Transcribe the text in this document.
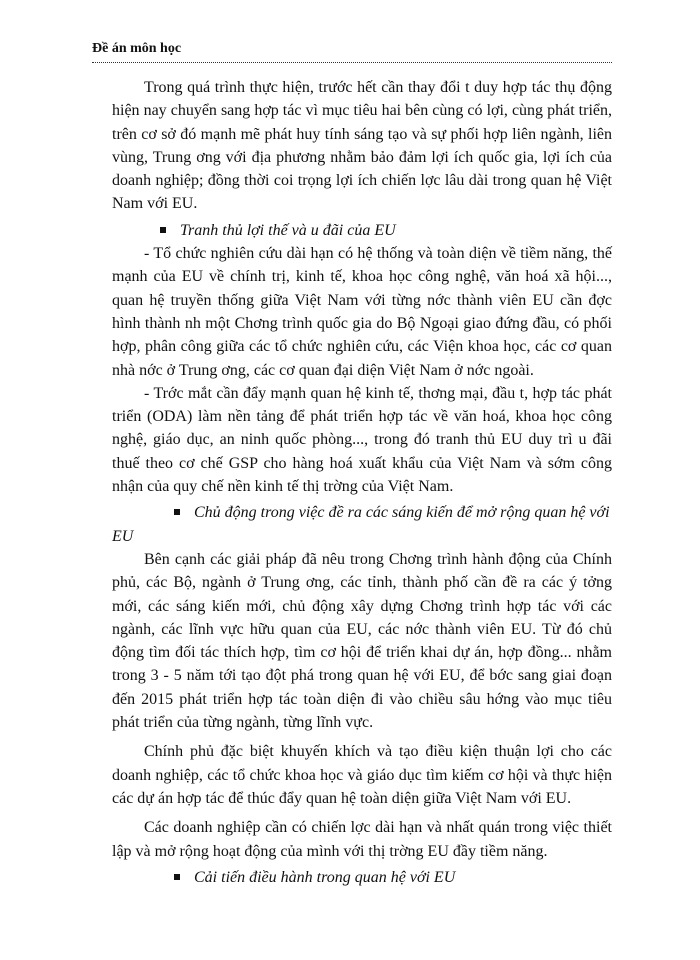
Đề án môn học

Trong quá trình thực hiện, trước hết cần thay đổi t duy hợp tác thụ động hiện nay chuyển sang hợp tác vì mục tiêu hai bên cùng có lợi, cùng phát triển, trên cơ sở đó mạnh mẽ phát huy tính sáng tạo và sự phối hợp liên ngành, liên vùng, Trung ơng với địa phương nhằm bảo đảm lợi ích quốc gia, lợi ích của doanh nghiệp; đồng thời coi trọng lợi ích chiến lợc lâu dài trong quan hệ Việt Nam với EU.

Tranh thủ lợi thế và u đãi của EU

- Tổ chức nghiên cứu dài hạn có hệ thống và toàn diện về tiềm năng, thế mạnh của EU về chính trị, kinh tế, khoa học công nghệ, văn hoá xã hội..., quan hệ truyền thống giữa Việt Nam với từng nớc thành viên EU cần đợc hình thành nh một Chơng trình quốc gia do Bộ Ngoại giao đứng đầu, có phối hợp, phân công giữa các tổ chức nghiên cứu, các Viện khoa học, các cơ quan nhà nớc ở Trung ơng, các cơ quan đại diện Việt Nam ở nớc ngoài.

- Trớc mắt cần đẩy mạnh quan hệ kinh tế, thơng mại, đầu t, hợp tác phát triển (ODA) làm nền tảng để phát triển hợp tác về văn hoá, khoa học công nghệ, giáo dục, an ninh quốc phòng..., trong đó tranh thủ EU duy trì u đãi thuế theo cơ chế GSP cho hàng hoá xuất khẩu của Việt Nam và sớm công nhận của quy chế nền kinh tế thị trờng của Việt Nam.

Chủ động trong việc đề ra các sáng kiến để mở rộng quan hệ với

EU

Bên cạnh các giải pháp đã nêu trong Chơng trình hành động của Chính phủ, các Bộ, ngành ở Trung ơng, các tỉnh, thành phố cần đề ra các ý tởng mới, các sáng kiến mới, chủ động xây dựng Chơng trình hợp tác với các ngành, các lĩnh vực hữu quan của EU, các nớc thành viên EU. Từ đó chủ động tìm đối tác thích hợp, tìm cơ hội để triển khai dự án, hợp đồng... nhằm trong 3 - 5 năm tới tạo đột phá trong quan hệ với EU, để bớc sang giai đoạn đến 2015 phát triển hợp tác toàn diện đi vào chiều sâu hớng vào mục tiêu phát triển của từng ngành, từng lĩnh vực.

Chính phủ đặc biệt khuyến khích và tạo điều kiện thuận lợi cho các doanh nghiệp, các tổ chức khoa học và giáo dục tìm kiếm cơ hội và thực hiện các dự án hợp tác để thúc đẩy quan hệ toàn diện giữa Việt Nam với EU.

Các doanh nghiệp cần có chiến lợc dài hạn và nhất quán trong việc thiết lập và mở rộng hoạt động của mình với thị trờng EU đầy tiềm năng.

Cải tiến điều hành trong quan hệ với EU
